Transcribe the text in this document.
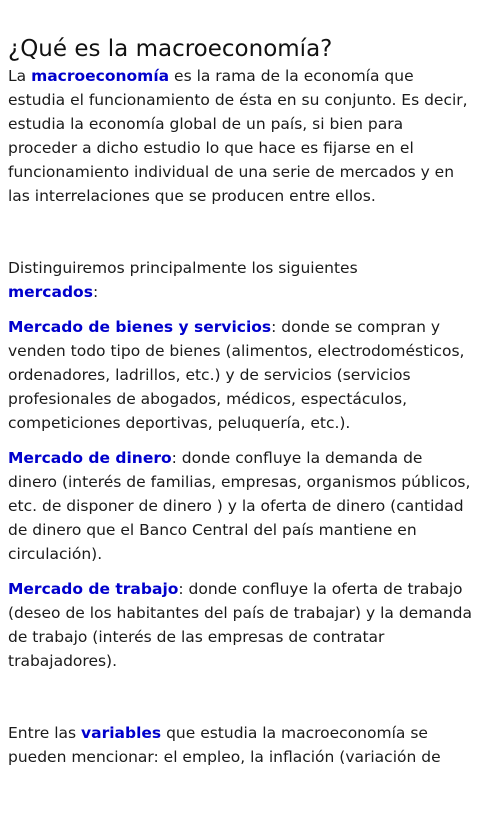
¿Qué es la macroeconomía?

La macroeconomía es la rama de la economía que estudia el funcionamiento de ésta en su conjunto. Es decir, estudia la economía global de un país, si bien para proceder a dicho estudio lo que hace es fijarse en el funcionamiento individual de una serie de mercados y en las interrelaciones que se producen entre ellos.

Distinguiremos principalmente los siguientes
mercados:

Mercado de bienes y servicios: donde se compran y venden todo tipo de bienes (alimentos, electrodomésticos, ordenadores, ladrillos, etc.) y de servicios (servicios profesionales de abogados, médicos, espectáculos, competiciones deportivas, peluquería, etc.).

Mercado de dinero: donde confluye la demanda de dinero (interés de familias, empresas, organismos públicos, etc. de disponer de dinero ) y la oferta de dinero (cantidad de dinero que el Banco Central del país mantiene en circulación).

Mercado de trabajo: donde confluye la oferta de trabajo (deseo de los habitantes del país de trabajar) y la demanda de trabajo (interés de las empresas de contratar trabajadores).

Entre las variables que estudia la macroeconomía se pueden mencionar: el empleo, la inflación (variación de
